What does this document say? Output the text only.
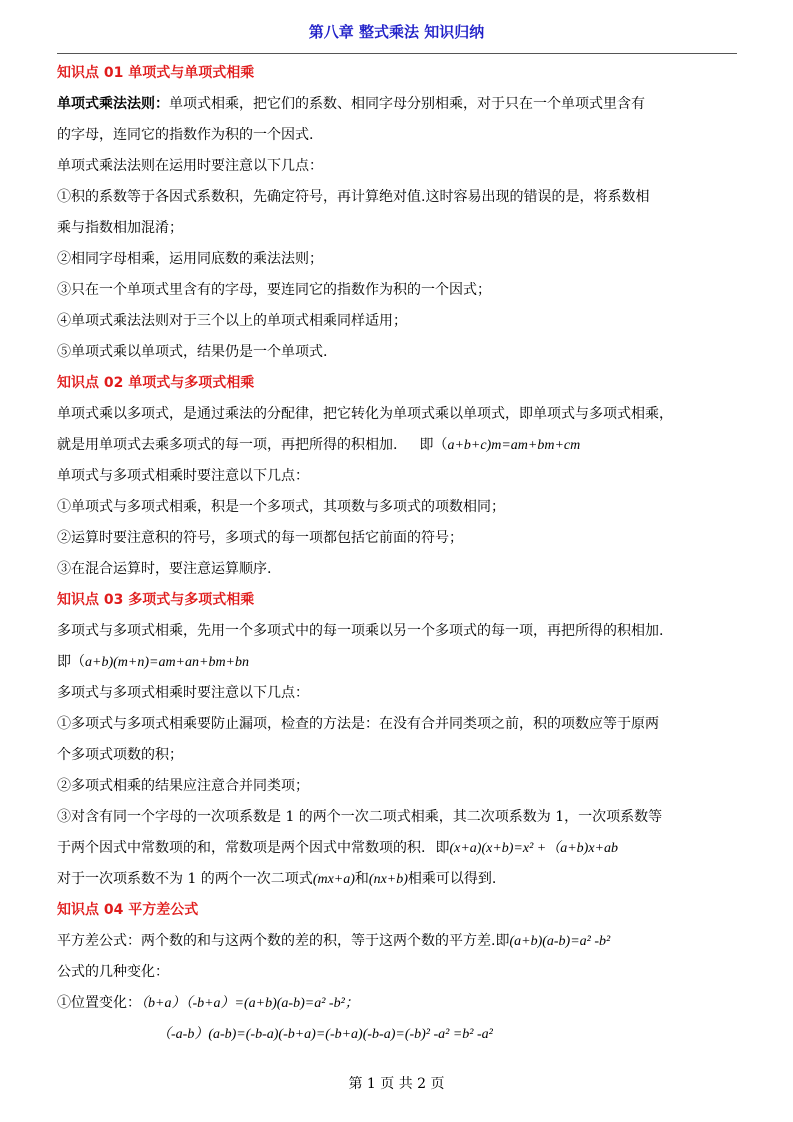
第八章 整式乘法 知识归纳
知识点 01 单项式与单项式相乘
单项式乘法法则：单项式相乘，把它们的系数、相同字母分别相乘，对于只在一个单项式里含有
的字母，连同它的指数作为积的一个因式.
单项式乘法法则在运用时要注意以下几点：
①积的系数等于各因式系数积，先确定符号，再计算绝对值.这时容易出现的错误的是，将系数相
乘与指数相加混淆；
②相同字母相乘，运用同底数的乘法法则；
③只在一个单项式里含有的字母，要连同它的指数作为积的一个因式；
④单项式乘法法则对于三个以上的单项式相乘同样适用；
⑤单项式乘以单项式，结果仍是一个单项式.
知识点 02 单项式与多项式相乘
单项式乘以多项式，是通过乘法的分配律，把它转化为单项式乘以单项式，即单项式与多项式相乘，
就是用单项式去乘多项式的每一项，再把所得的积相加. 即（a+b+c)m=am+bm+cm
单项式与多项式相乘时要注意以下几点：
①单项式与多项式相乘，积是一个多项式，其项数与多项式的项数相同；
②运算时要注意积的符号，多项式的每一项都包括它前面的符号；
③在混合运算时，要注意运算顺序.
知识点 03 多项式与多项式相乘
多项式与多项式相乘，先用一个多项式中的每一项乘以另一个多项式的每一项，再把所得的积相加.
即（a+b)(m+n)=am+an+bm+bn
多项式与多项式相乘时要注意以下几点：
①多项式与多项式相乘要防止漏项，检查的方法是：在没有合并同类项之前，积的项数应等于原两
个多项式项数的积；
②多项式相乘的结果应注意合并同类项；
③对含有同一个字母的一次项系数是 1 的两个一次二项式相乘，其二次项系数为 1，一次项系数等
于两个因式中常数项的和，常数项是两个因式中常数项的积. 即(x+a)(x+b)=x² +（a+b)x+ab
对于一次项系数不为 1 的两个一次二项式(mx+a)和(nx+b)相乘可以得到.
知识点 04 平方差公式
平方差公式：两个数的和与这两个数的差的积，等于这两个数的平方差.即(a+b)(a-b)=a² -b²
公式的几种变化：
①位置变化：（b+a）（-b+a）=(a+b)(a-b)=a² -b²；
（-a-b）(a-b)=(-b-a)(-b+a)=(-b+a)(-b-a)=(-b)² -a² =b² -a²
第 1 页 共 2 页
